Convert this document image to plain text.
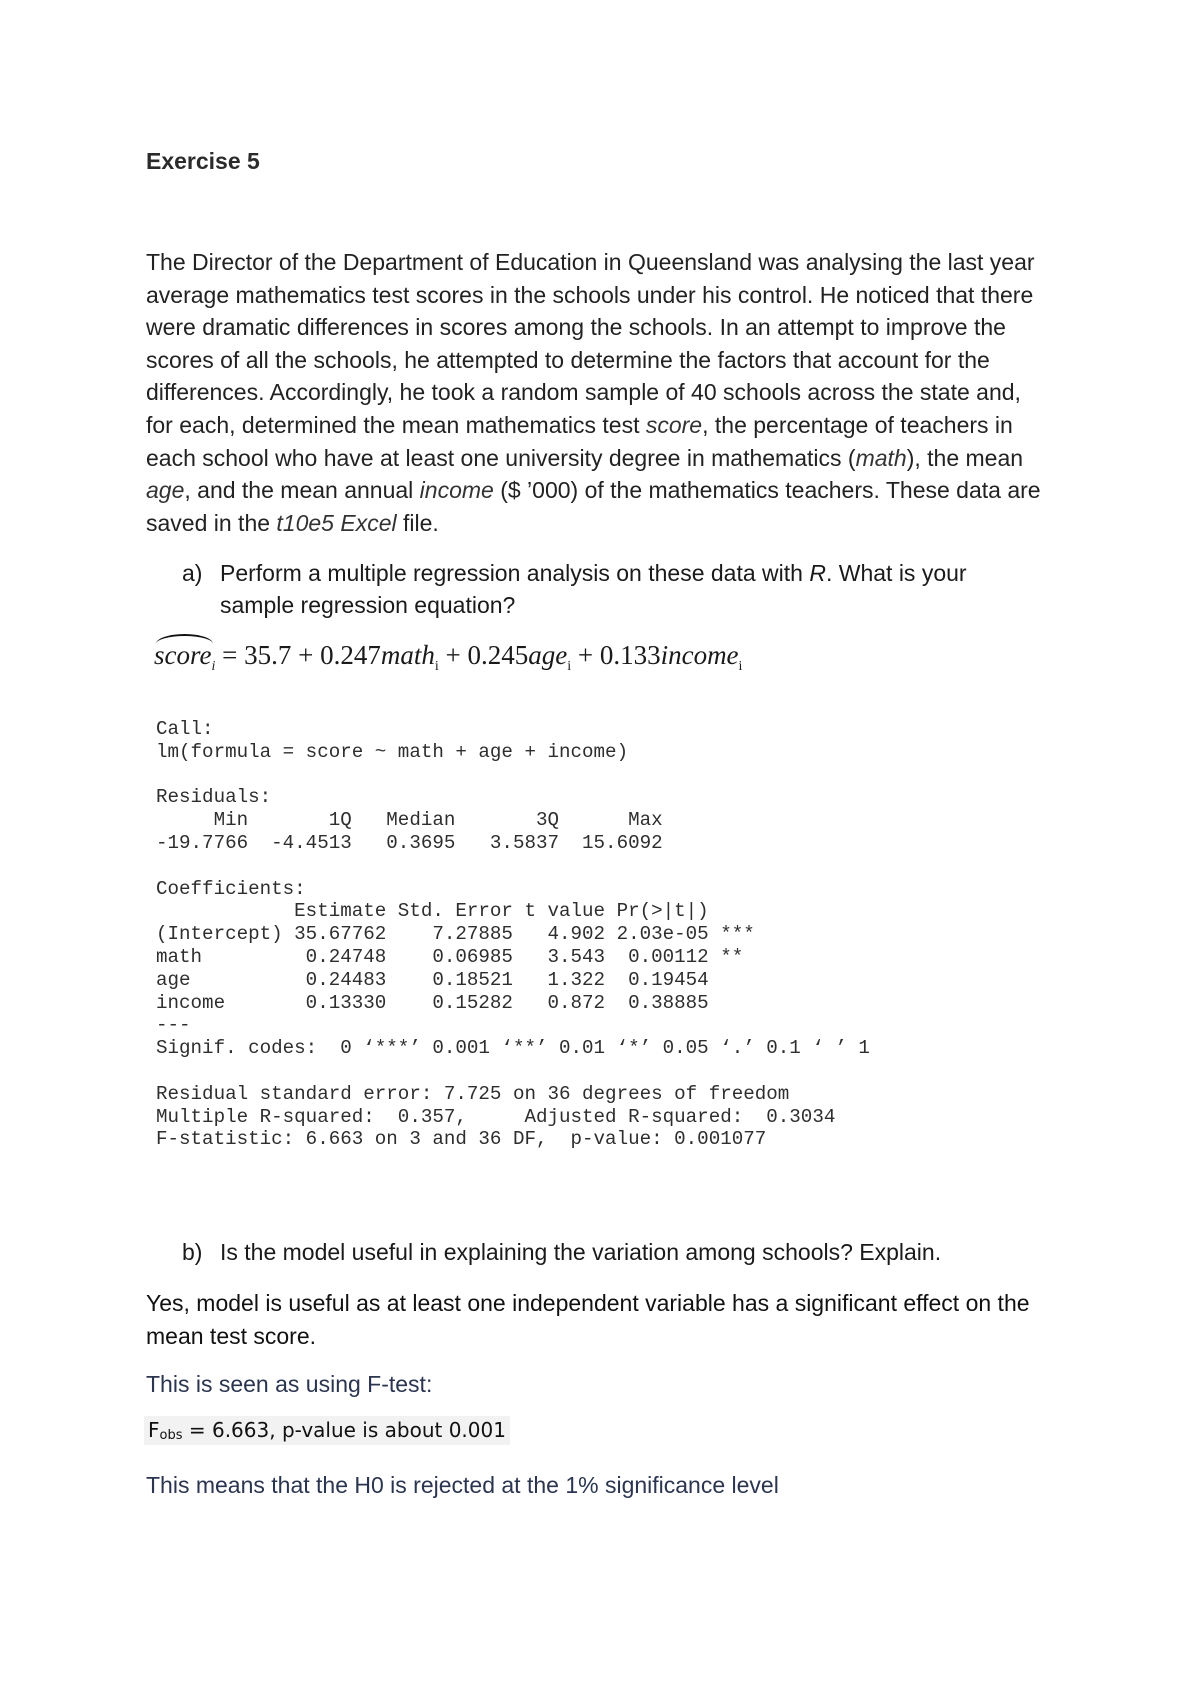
Exercise 5
The Director of the Department of Education in Queensland was analysing the last year average mathematics test scores in the schools under his control. He noticed that there were dramatic differences in scores among the schools. In an attempt to improve the scores of all the schools, he attempted to determine the factors that account for the differences. Accordingly, he took a random sample of 40 schools across the state and, for each, determined the mean mathematics test score, the percentage of teachers in each school who have at least one university degree in mathematics (math), the mean age, and the mean annual income ($ ’000) of the mathematics teachers. These data are saved in the t10e5 Excel file.
a) Perform a multiple regression analysis on these data with R. What is your sample regression equation?
score$_i$ = 35.7 + 0.247math$_i$ + 0.245age$_i$ + 0.133income$_i$
Call:
lm(formula = score ~ math + age + income)
Residuals:
Min       1Q   Median       3Q      Max
-19.7766  -4.4513   0.3695   3.5837  15.6092
Coefficients:
Estimate Std. Error t value Pr(>|t|)
(Intercept) 35.67762    7.27885   4.902 2.03e-05 ***
math         0.24748    0.06985   3.543  0.00112 **
age          0.24483    0.18521   1.322  0.19454
income       0.13330    0.15282   0.872  0.38885
---
Signif. codes:  0 ‘***’ 0.001 ‘**’ 0.01 ‘*’ 0.05 ‘.’ 0.1 ‘ ’ 1
Residual standard error: 7.725 on 36 degrees of freedom
Multiple R-squared:  0.357,     Adjusted R-squared:  0.3034
F-statistic: 6.663 on 3 and 36 DF,  p-value: 0.001077
b) Is the model useful in explaining the variation among schools? Explain.
Yes, model is useful as at least one independent variable has a significant effect on the mean test score.
This is seen as using F-test:
$F_{obs} = 6.663$, p-value is about 0.001
This means that the H0 is rejected at the 1% significance level
